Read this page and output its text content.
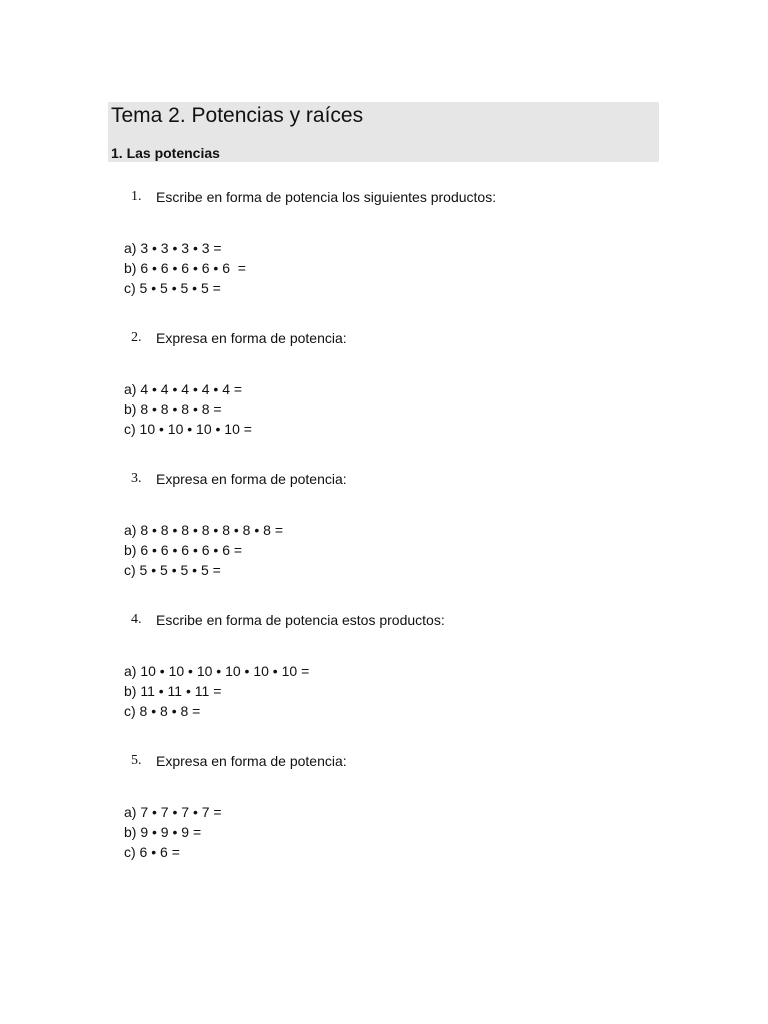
Tema 2. Potencias y raíces
1. Las potencias
1. Escribe en forma de potencia los siguientes productos:
a) 3 • 3 • 3 • 3 =
b) 6 • 6 • 6 • 6 • 6  =
c) 5 • 5 • 5 • 5 =
2. Expresa en forma de potencia:
a) 4 • 4 • 4 • 4 • 4 =
b) 8 • 8 • 8 • 8 =
c) 10 • 10 • 10 • 10 =
3. Expresa en forma de potencia:
a) 8 • 8 • 8 • 8 • 8 • 8 • 8 =
b) 6 • 6 • 6 • 6 • 6 =
c) 5 • 5 • 5 • 5 =
4. Escribe en forma de potencia estos productos:
a) 10 • 10 • 10 • 10 • 10 • 10 =
b) 11 • 11 • 11 =
c) 8 • 8 • 8 =
5. Expresa en forma de potencia:
a) 7 • 7 • 7 • 7 =
b) 9 • 9 • 9 =
c) 6 • 6 =
